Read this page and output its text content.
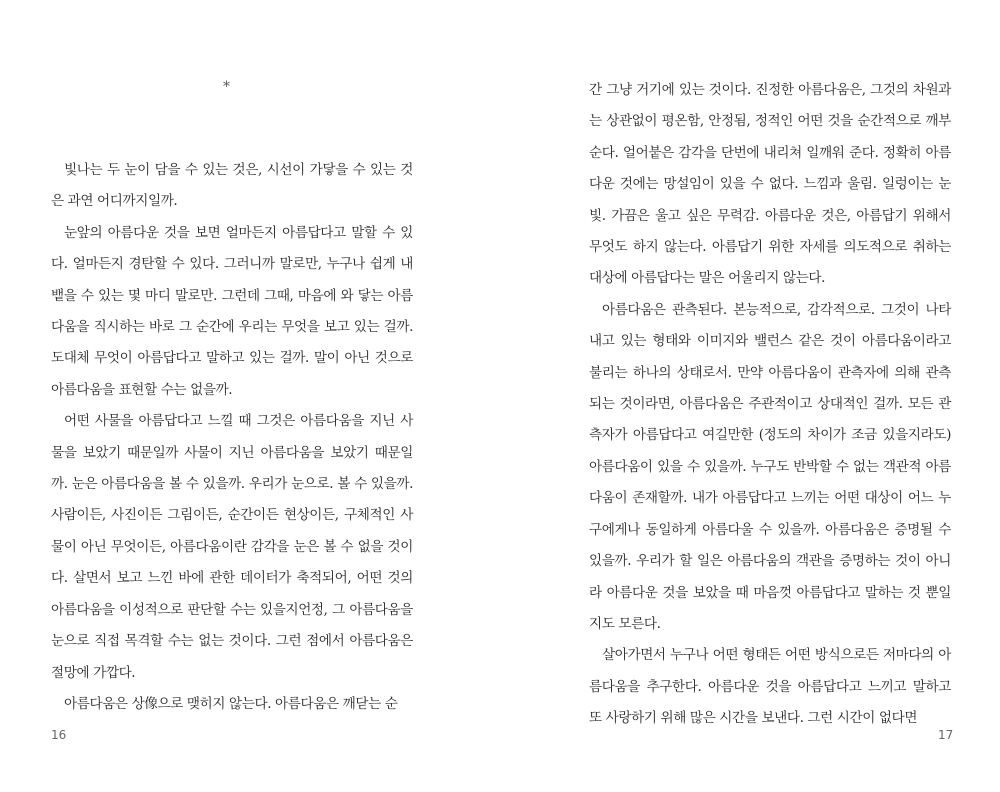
*

빛나는 두 눈이 담을 수 있는 것은, 시선이 가닿을 수 있는 것은 과연 어디까지일까.

눈앞의 아름다운 것을 보면 얼마든지 아름답다고 말할 수 있다. 얼마든지 경탄할 수 있다. 그러니까 말로만, 누구나 쉽게 내뱉을 수 있는 몇 마디 말로만. 그런데 그때, 마음에 와 닿는 아름다움을 직시하는 바로 그 순간에 우리는 무엇을 보고 있는 걸까. 도대체 무엇이 아름답다고 말하고 있는 걸까. 말이 아닌 것으로 아름다움을 표현할 수는 없을까.

어떤 사물을 아름답다고 느낄 때 그것은 아름다움을 지닌 사물을 보았기 때문일까 사물이 지닌 아름다움을 보았기 때문일까. 눈은 아름다움을 볼 수 있을까. 우리가 눈으로. 볼 수 있을까. 사람이든, 사진이든 그림이든, 순간이든 현상이든, 구체적인 사물이 아닌 무엇이든, 아름다움이란 감각을 눈은 볼 수 없을 것이다. 살면서 보고 느낀 바에 관한 데이터가 축적되어, 어떤 것의 아름다움을 이성적으로 판단할 수는 있을지언정, 그 아름다움을 눈으로 직접 목격할 수는 없는 것이다. 그런 점에서 아름다움은 절망에 가깝다.

아름다움은 상像으로 맺히지 않는다. 아름다움은 깨닫는 순

16

간 그냥 거기에 있는 것이다. 진정한 아름다움은, 그것의 차원과는 상관없이 평온함, 안정됨, 정적인 어떤 것을 순간적으로 깨부순다. 얼어붙은 감각을 단번에 내리쳐 일깨워 준다. 정확히 아름다운 것에는 망설임이 있을 수 없다. 느낌과 울림. 일렁이는 눈빛. 가끔은 울고 싶은 무력감. 아름다운 것은, 아름답기 위해서 무엇도 하지 않는다. 아름답기 위한 자세를 의도적으로 취하는 대상에 아름답다는 말은 어울리지 않는다.

아름다움은 관측된다. 본능적으로, 감각적으로. 그것이 나타내고 있는 형태와 이미지와 밸런스 같은 것이 아름다움이라고 불리는 하나의 상태로서. 만약 아름다움이 관측자에 의해 관측되는 것이라면, 아름다움은 주관적이고 상대적인 걸까. 모든 관측자가 아름답다고 여길만한 (정도의 차이가 조금 있을지라도) 아름다움이 있을 수 있을까. 누구도 반박할 수 없는 객관적 아름다움이 존재할까. 내가 아름답다고 느끼는 어떤 대상이 어느 누구에게나 동일하게 아름다울 수 있을까. 아름다움은 증명될 수 있을까. 우리가 할 일은 아름다움의 객관을 증명하는 것이 아니라 아름다운 것을 보았을 때 마음껏 아름답다고 말하는 것 뿐일지도 모른다.

살아가면서 누구나 어떤 형태든 어떤 방식으로든 저마다의 아름다움을 추구한다. 아름다운 것을 아름답다고 느끼고 말하고 또 사랑하기 위해 많은 시간을 보낸다. 그런 시간이 없다면

17
